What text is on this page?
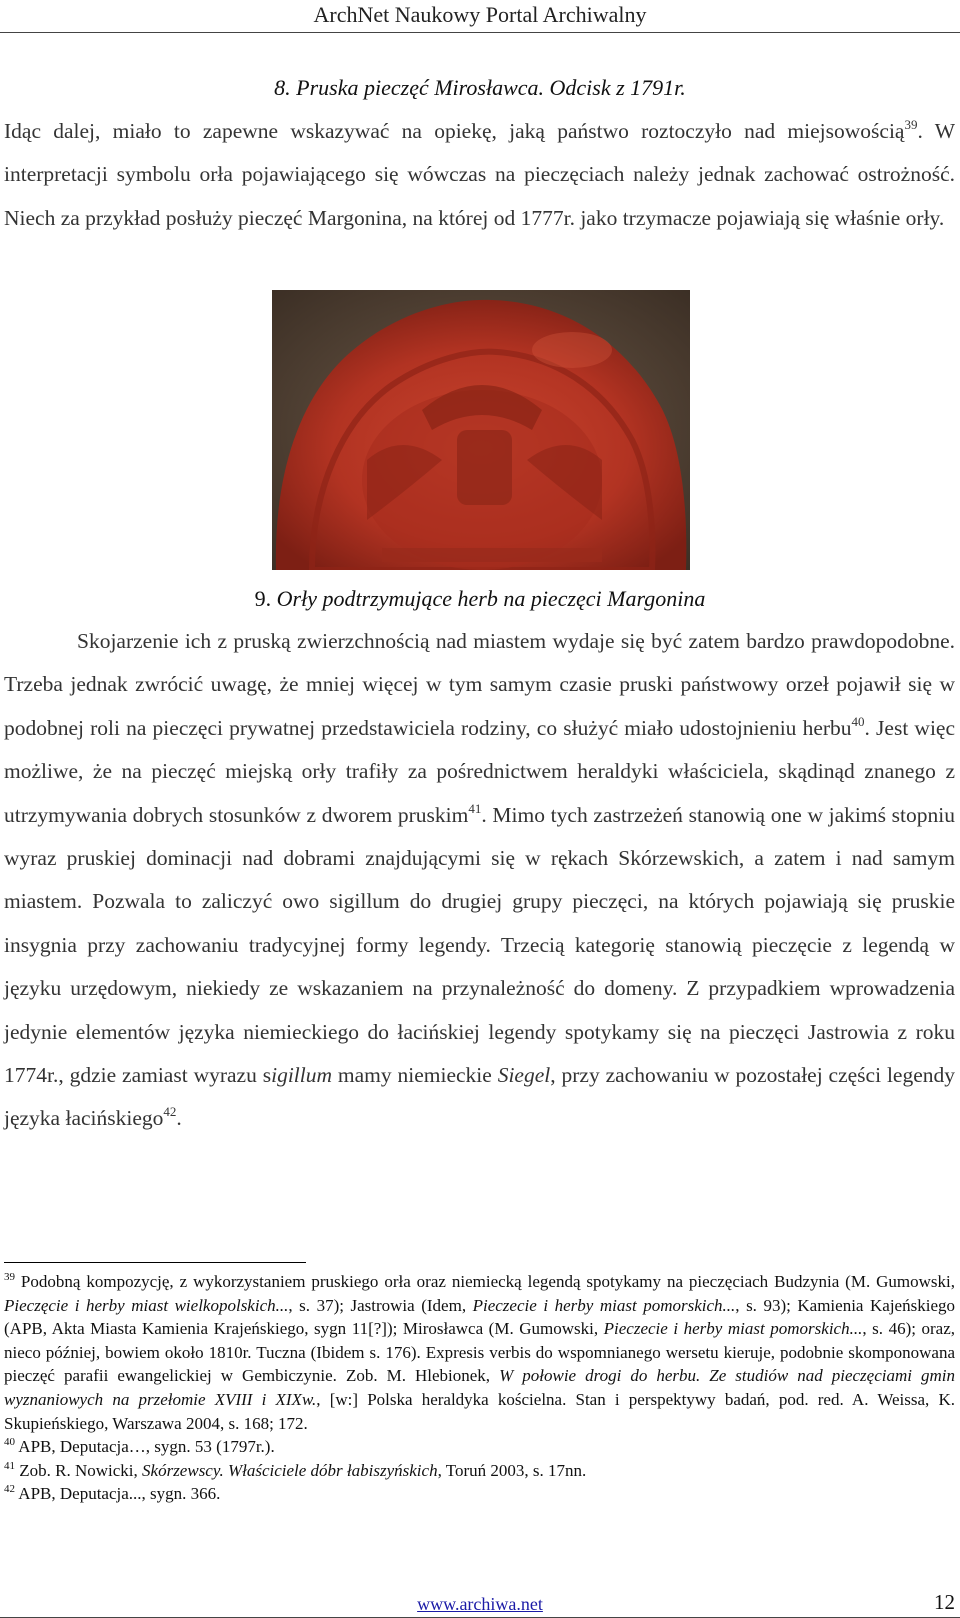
ArchNet Naukowy Portal Archiwalny
8. Pruska pieczęć Mirosławca. Odcisk z 1791r.

Idąc dalej, miało to zapewne wskazywać na opiekę, jaką państwo roztoczyło nad miejsowością$^{39}$. W interpretacji symbolu orła pojawiającego się wówczas na pieczęciach należy jednak zachować ostrożność. Niech za przykład posłuży pieczęć Margonina, na której od 1777r. jako trzymacze pojawiają się właśnie orły.

9. Orły podtrzymujące herb na pieczęci Margonina

Skojarzenie ich z pruską zwierzchnością nad miastem wydaje się być zatem bardzo prawdopodobne. Trzeba jednak zwrócić uwagę, że mniej więcej w tym samym czasie pruski państwowy orzeł pojawił się w podobnej roli na pieczęci prywatnej przedstawiciela rodziny, co służyć miało udostojnieniu herbu$^{40}$. Jest więc możliwe, że na pieczęć miejską orły trafiły za pośrednictwem heraldyki właściciela, skądinąd znanego z utrzymywania dobrych stosunków z dworem pruskim$^{41}$. Mimo tych zastrzeżeń stanowią one w jakimś stopniu wyraz pruskiej dominacji nad dobrami znajdującymi się w rękach Skórzewskich, a zatem i nad samym miastem. Pozwala to zaliczyć owo sigillum do drugiej grupy pieczęci, na których pojawiają się pruskie insygnia przy zachowaniu tradycyjnej formy legendy. Trzecią kategorię stanowią pieczęcie z legendą w języku urzędowym, niekiedy ze wskazaniem na przynależność do domeny. Z przypadkiem wprowadzenia jedynie elementów języka niemieckiego do łacińskiej legendy spotykamy się na pieczęci Jastrowia z roku 1774r., gdzie zamiast wyrazu sigillum mamy niemieckie Siegel, przy zachowaniu w pozostałej części legendy języka łacińskiego$^{42}$.

$^{39}$ Podobną kompozycję, z wykorzystaniem pruskiego orła oraz niemiecką legendą spotykamy na pieczęciach Budzynia (M. Gumowski, Pieczęcie i herby miast wielkopolskich..., s. 37); Jastrowia (Idem, Pieczecie i herby miast pomorskich..., s. 93); Kamienia Kajeńskiego (APB, Akta Miasta Kamienia Krajeńskiego, sygn 11[?]); Mirosławca (M. Gumowski, Pieczecie i herby miast pomorskich..., s. 46); oraz, nieco później, bowiem około 1810r. Tuczna (Ibidem s. 176). Expresis verbis do wspomnianego wersetu kieruje, podobnie skomponowana pieczęć parafii ewangelickiej w Gembiczynie. Zob. M. Hlebionek, W połowie drogi do herbu. Ze studiów nad pieczęciami gmin wyznaniowych na przełomie XVIII i XIXw., [w:] Polska heraldyka kościelna. Stan i perspektywy badań, pod. red. A. Weissa, K. Skupieńskiego, Warszawa 2004, s. 168; 172.

$^{40}$ APB, Deputacja…, sygn. 53 (1797r.).

$^{41}$ Zob. R. Nowicki, Skórzewscy. Właściciele dóbr łabiszyńskich, Toruń 2003, s. 17nn.

$^{42}$ APB, Deputacja..., sygn. 366.

12
www.archiwa.net
